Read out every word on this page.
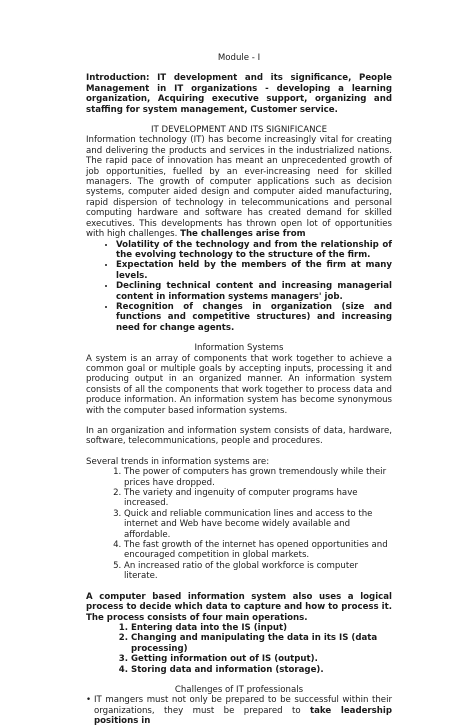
Module - I

Introduction: IT development and its significance, People Management in IT organizations - developing a learning organization, Acquiring executive support, organizing and staffing for system management, Customer service.

IT DEVELOPMENT AND ITS SIGNIFICANCE

Information technology (IT) has become increasingly vital for creating and delivering the products and services in the industrialized nations. The rapid pace of innovation has meant an unprecedented growth of job opportunities, fuelled by an ever-increasing need for skilled managers. The growth of computer applications such as decision systems, computer aided design and computer aided manufacturing, rapid dispersion of technology in telecommunications and personal computing hardware and software has created demand for skilled executives. This developments has thrown open lot of opportunities with high challenges. The challenges arise from

• Volatility of the technology and from the relationship of the evolving technology to the structure of the firm.
• Expectation held by the members of the firm at many levels.
• Declining technical content and increasing managerial content in information systems managers' job.
• Recognition of changes in organization (size and functions and competitive structures) and increasing need for change agents.

Information Systems

A system is an array of components that work together to achieve a common goal or multiple goals by accepting inputs, processing it and producing output in an organized manner. An information system consists of all the components that work together to process data and produce information. An information system has become synonymous with the computer based information systems.

In an organization and information system consists of data, hardware, software, telecommunications, people and procedures.

Several trends in information systems are:

1. The power of computers has grown tremendously while their prices have dropped.
2. The variety and ingenuity of computer programs have increased.
3. Quick and reliable communication lines and access to the internet and Web have become widely available and affordable.
4. The fast growth of the internet has opened opportunities and encouraged competition in global markets.
5. An increased ratio of the global workforce is computer literate.

A computer based information system also uses a logical process to decide which data to capture and how to process it. The process consists of four main operations.

1. Entering data into the IS (input)
2. Changing and manipulating the data in its IS (data processing)
3. Getting information out of IS (output).
4. Storing data and information (storage).

Challenges of IT professionals

• IT mangers must not only be prepared to be successful within their organizations, they must be prepared to take leadership positions in
